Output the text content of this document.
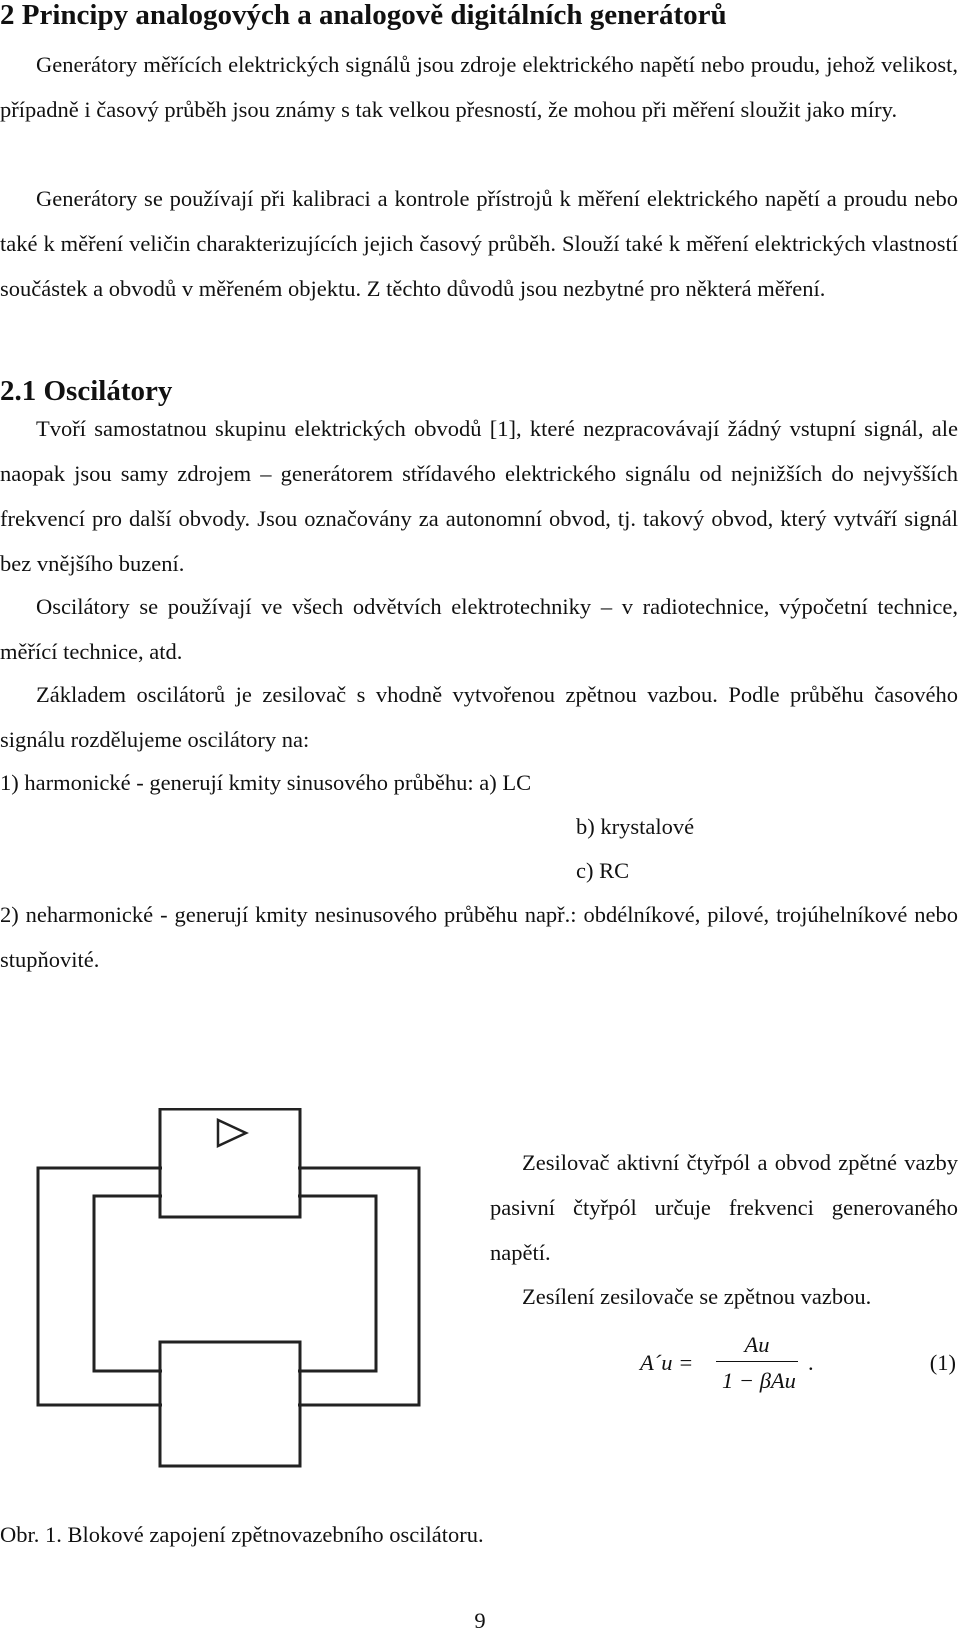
2 Principy analogových a analogově digitálních generátorů

Generátory měřících elektrických signálů jsou zdroje elektrického napětí nebo proudu, jehož velikost, případně i časový průběh jsou známy s tak velkou přesností, že mohou při měření sloužit jako míry.

Generátory se používají při kalibraci a kontrole přístrojů k měření elektrického napětí a proudu nebo také k měření veličin charakterizujících jejich časový průběh. Slouží také k měření elektrických vlastností součástek a obvodů v měřeném objektu. Z těchto důvodů jsou nezbytné pro některá měření.

2.1 Oscilátory

Tvoří samostatnou skupinu elektrických obvodů [1], které nezpracovávají žádný vstupní signál, ale naopak jsou samy zdrojem – generátorem střídavého elektrického signálu od nejnižších do nejvyšších frekvencí pro další obvody. Jsou označovány za autonomní obvod, tj. takový obvod, který vytváří signál bez vnějšího buzení.

Oscilátory se používají ve všech odvětvích elektrotechniky – v radiotechnice, výpočetní technice, měřící technice, atd.

Základem oscilátorů je zesilovač s vhodně vytvořenou zpětnou vazbou. Podle průběhu časového signálu rozdělujeme oscilátory na:

1) harmonické - generují kmity sinusového průběhu: a) LC

b) krystalové

c) RC

2) neharmonické - generují kmity nesinusového průběhu např.: obdélníkové, pilové, trojúhelníkové nebo stupňovité.

Zesilovač aktivní čtyřpól a obvod zpětné vazby pasivní čtyřpól určuje frekvenci generovaného napětí.

Zesílení zesilovače se zpětnou vazbou.

A´u =
Au
1 − βAu
.	(1)

Obr. 1. Blokové zapojení zpětnovazebního oscilátoru.

9
